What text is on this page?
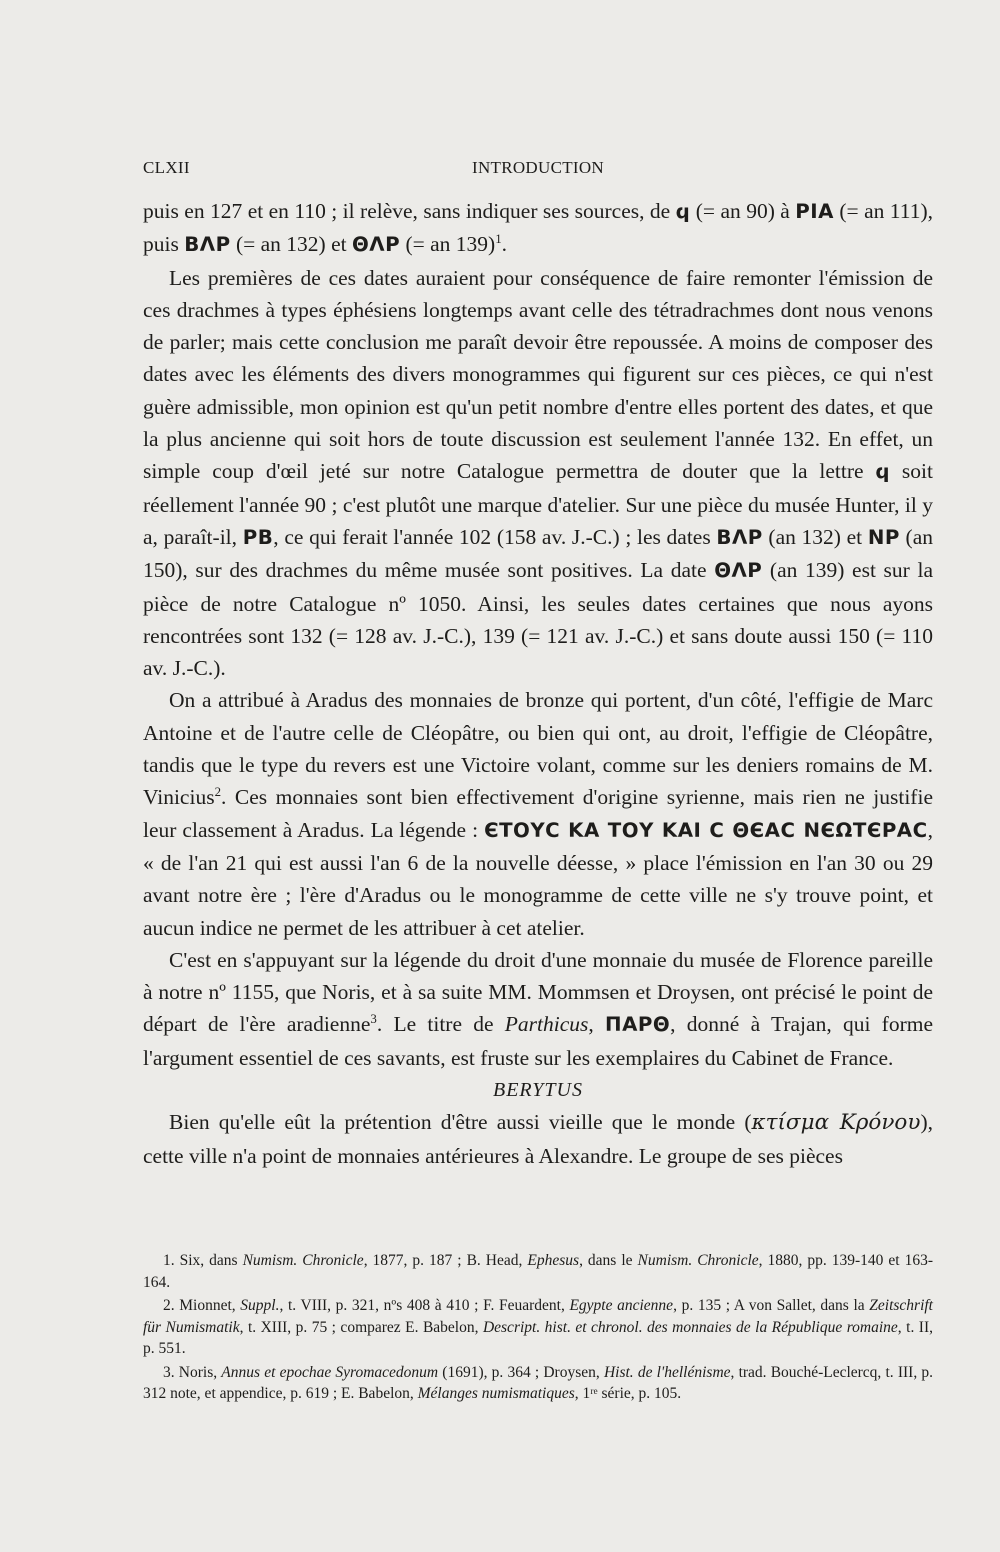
CLXII	INTRODUCTION

puis en 127 et en 110 ; il relève, sans indiquer ses sources, de ϥ (= an 90) à PIA (= an 111), puis BΛP (= an 132) et ΘΛP (= an 139)$^1$.

Les premières de ces dates auraient pour conséquence de faire remonter l'émission de ces drachmes à types éphésiens longtemps avant celle des tétradrachmes dont nous venons de parler; mais cette conclusion me paraît devoir être repoussée. A moins de composer des dates avec les éléments des divers monogrammes qui figurent sur ces pièces, ce qui n'est guère admissible, mon opinion est qu'un petit nombre d'entre elles portent des dates, et que la plus ancienne qui soit hors de toute discussion est seulement l'année 132. En effet, un simple coup d'œil jeté sur notre Catalogue permettra de douter que la lettre ϥ soit réellement l'année 90 ; c'est plutôt une marque d'atelier. Sur une pièce du musée Hunter, il y a, paraît-il, PB, ce qui ferait l'année 102 (158 av. J.-C.) ; les dates BΛP (an 132) et NP (an 150), sur des drachmes du même musée sont positives. La date ΘΛP (an 139) est sur la pièce de notre Catalogue nº 1050. Ainsi, les seules dates certaines que nous ayons rencontrées sont 132 (= 128 av. J.-C.), 139 (= 121 av. J.-C.) et sans doute aussi 150 (= 110 av. J.-C.).

On a attribué à Aradus des monnaies de bronze qui portent, d'un côté, l'effigie de Marc Antoine et de l'autre celle de Cléopâtre, ou bien qui ont, au droit, l'effigie de Cléopâtre, tandis que le type du revers est une Victoire volant, comme sur les deniers romains de M. Vinicius$^2$. Ces monnaies sont bien effectivement d'origine syrienne, mais rien ne justifie leur classement à Aradus. La légende : ЄΤΟΥC ΚΑ ΤΟΥ ΚΑΙ C ΘЄΑC ΝЄΩΤЄΡΑC, « de l'an 21 qui est aussi l'an 6 de la nouvelle déesse, » place l'émission en l'an 30 ou 29 avant notre ère ; l'ère d'Aradus ou le monogramme de cette ville ne s'y trouve point, et aucun indice ne permet de les attribuer à cet atelier.

C'est en s'appuyant sur la légende du droit d'une monnaie du musée de Florence pareille à notre nº 1155, que Noris, et à sa suite MM. Mommsen et Droysen, ont précisé le point de départ de l'ère aradienne$^3$. Le titre de Parthicus, ΠΑΡΘ, donné à Trajan, qui forme l'argument essentiel de ces savants, est fruste sur les exemplaires du Cabinet de France.

BERYTUS

Bien qu'elle eût la prétention d'être aussi vieille que le monde (κτίσμα Κρόνου), cette ville n'a point de monnaies antérieures à Alexandre. Le groupe de ses pièces

1. Six, dans Numism. Chronicle, 1877, p. 187 ; B. Head, Ephesus, dans le Numism. Chronicle, 1880, pp. 139-140 et 163-164.

2. Mionnet, Suppl., t. VIII, p. 321, nºs 408 à 410 ; F. Feuardent, Egypte ancienne, p. 135 ; A von Sallet, dans la Zeitschrift für Numismatik, t. XIII, p. 75 ; comparez E. Babelon, Descript. hist. et chronol. des monnaies de la République romaine, t. II, p. 551.

3. Noris, Annus et epochae Syromacedonum (1691), p. 364 ; Droysen, Hist. de l'hellénisme, trad. Bouché-Leclercq, t. III, p. 312 note, et appendice, p. 619 ; E. Babelon, Mélanges numismatiques, 1ʳᵉ série, p. 105.
